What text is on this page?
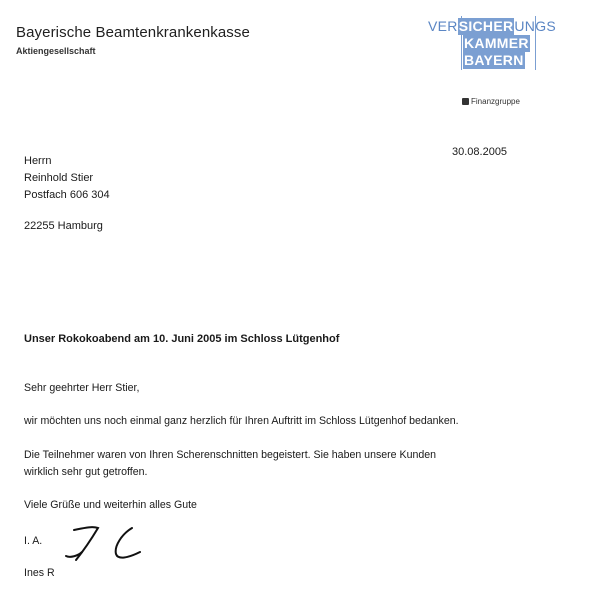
Bayerische Beamtenkrankenkasse
Aktiengesellschaft
VERSICHERUNGS
KAMMER
BAYERN
Finanzgruppe
30.08.2005
Herrn
Reinhold Stier
Postfach 606 304
22255 Hamburg
Unser Rokokoabend am 10. Juni 2005 im Schloss Lütgenhof
Sehr geehrter Herr Stier,
wir möchten uns noch einmal ganz herzlich für Ihren Auftritt im Schloss Lütgenhof bedanken.
Die Teilnehmer waren von Ihren Scherenschnitten begeistert. Sie haben unsere Kunden
wirklich sehr gut getroffen.
Viele Grüße und weiterhin alles Gute
I. A.
Ines R
